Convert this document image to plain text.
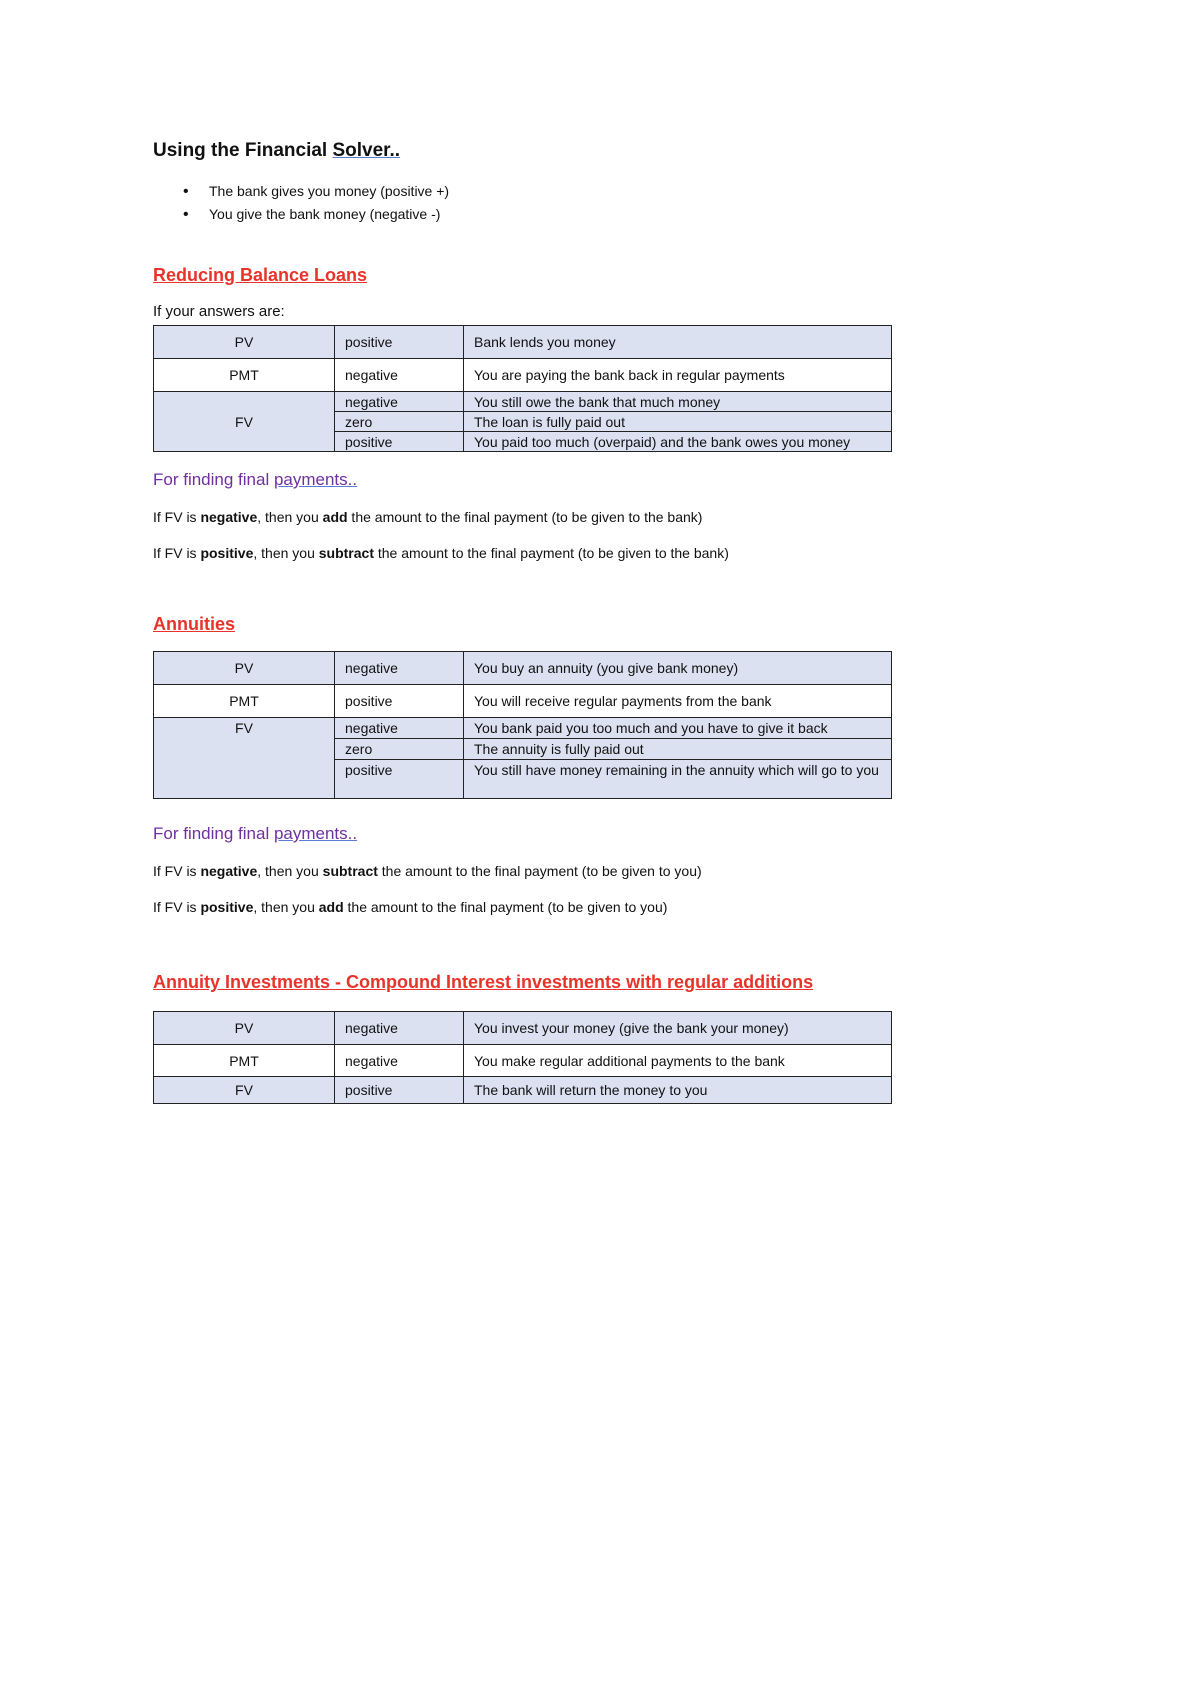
Using the Financial Solver..
• The bank gives you money (positive +)
• You give the bank money (negative -)
Reducing Balance Loans
If your answers are:
PV	positive	Bank lends you money
PMT	negative	You are paying the bank back in regular payments
FV	negative	You still owe the bank that much money
	zero	The loan is fully paid out
	positive	You paid too much (overpaid) and the bank owes you money
For finding final payments..
If FV is negative, then you add the amount to the final payment (to be given to the bank)
If FV is positive, then you subtract the amount to the final payment (to be given to the bank)
Annuities
PV	negative	You buy an annuity (you give bank money)
PMT	positive	You will receive regular payments from the bank
FV	negative	You bank paid you too much and you have to give it back
	zero	The annuity is fully paid out
	positive	You still have money remaining in the annuity which will go to you
For finding final payments..
If FV is negative, then you subtract the amount to the final payment (to be given to you)
If FV is positive, then you add the amount to the final payment (to be given to you)
Annuity Investments - Compound Interest investments with regular additions
PV	negative	You invest your money (give the bank your money)
PMT	negative	You make regular additional payments to the bank
FV	positive	The bank will return the money to you
